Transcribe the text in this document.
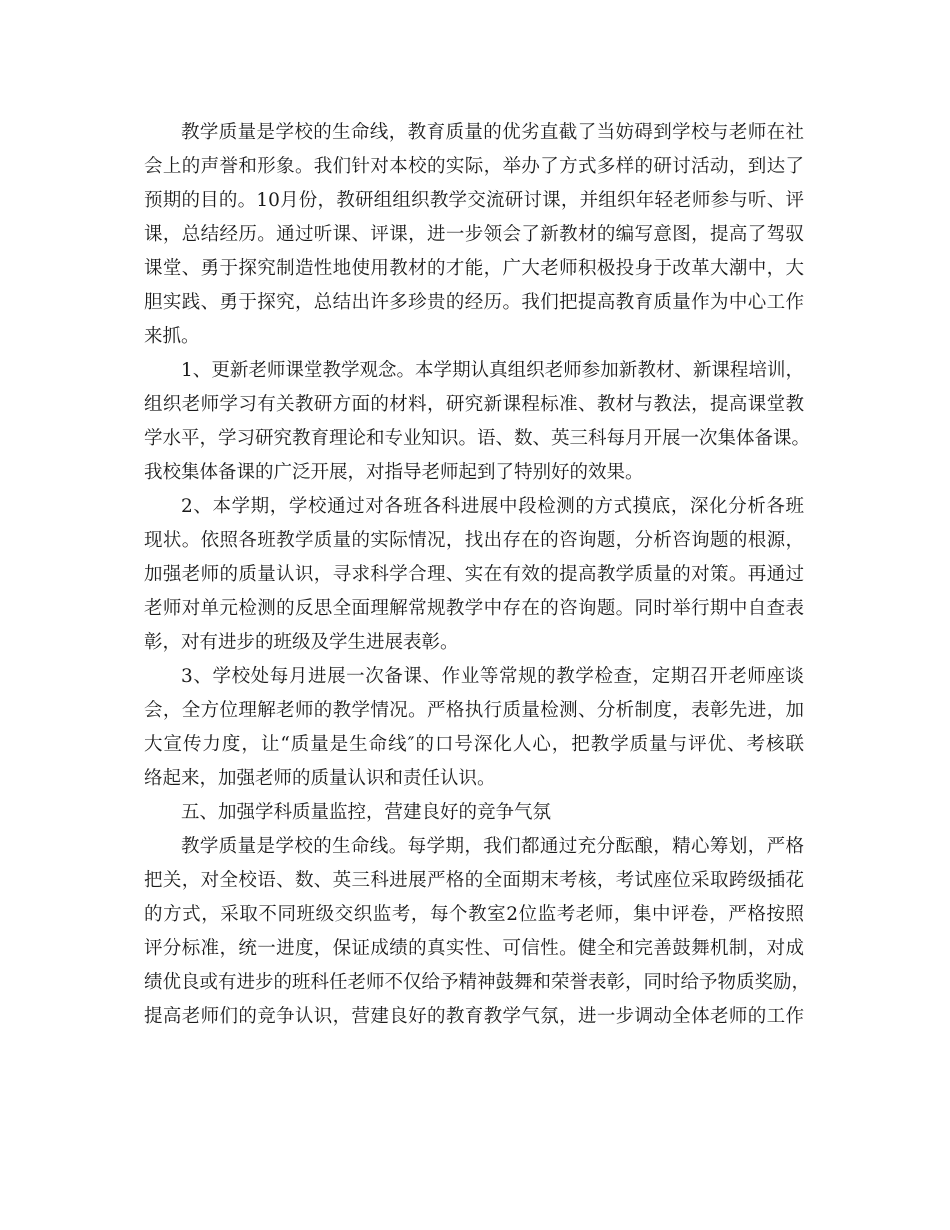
教学质量是学校的生命线，教育质量的优劣直截了当妨碍到学校与老师在社
会上的声誉和形象。我们针对本校的实际，举办了方式多样的研讨活动，到达了
预期的目的。10月份，教研组组织教学交流研讨课，并组织年轻老师参与听、评
课，总结经历。通过听课、评课，进一步领会了新教材的编写意图，提高了驾驭
课堂、勇于探究制造性地使用教材的才能，广大老师积极投身于改革大潮中，大
胆实践、勇于探究，总结出许多珍贵的经历。我们把提高教育质量作为中心工作
来抓。
1、更新老师课堂教学观念。本学期认真组织老师参加新教材、新课程培训，
组织老师学习有关教研方面的材料，研究新课程标准、教材与教法，提高课堂教
学水平，学习研究教育理论和专业知识。语、数、英三科每月开展一次集体备课。
我校集体备课的广泛开展，对指导老师起到了特别好的效果。
2、本学期，学校通过对各班各科进展中段检测的方式摸底，深化分析各班
现状。依照各班教学质量的实际情况，找出存在的咨询题，分析咨询题的根源，
加强老师的质量认识，寻求科学合理、实在有效的提高教学质量的对策。再通过
老师对单元检测的反思全面理解常规教学中存在的咨询题。同时举行期中自查表
彰，对有进步的班级及学生进展表彰。
3、学校处每月进展一次备课、作业等常规的教学检查，定期召开老师座谈
会，全方位理解老师的教学情况。严格执行质量检测、分析制度，表彰先进，加
大宣传力度，让“质量是生命线″的口号深化人心，把教学质量与评优、考核联
络起来，加强老师的质量认识和责任认识。
五、加强学科质量监控，营建良好的竞争气氛
教学质量是学校的生命线。每学期，我们都通过充分酝酿，精心筹划，严格
把关，对全校语、数、英三科进展严格的全面期末考核，考试座位采取跨级插花
的方式，采取不同班级交织监考，每个教室2位监考老师，集中评卷，严格按照
评分标准，统一进度，保证成绩的真实性、可信性。健全和完善鼓舞机制，对成
绩优良或有进步的班科任老师不仅给予精神鼓舞和荣誉表彰，同时给予物质奖励，
提高老师们的竞争认识，营建良好的教育教学气氛，进一步调动全体老师的工作
